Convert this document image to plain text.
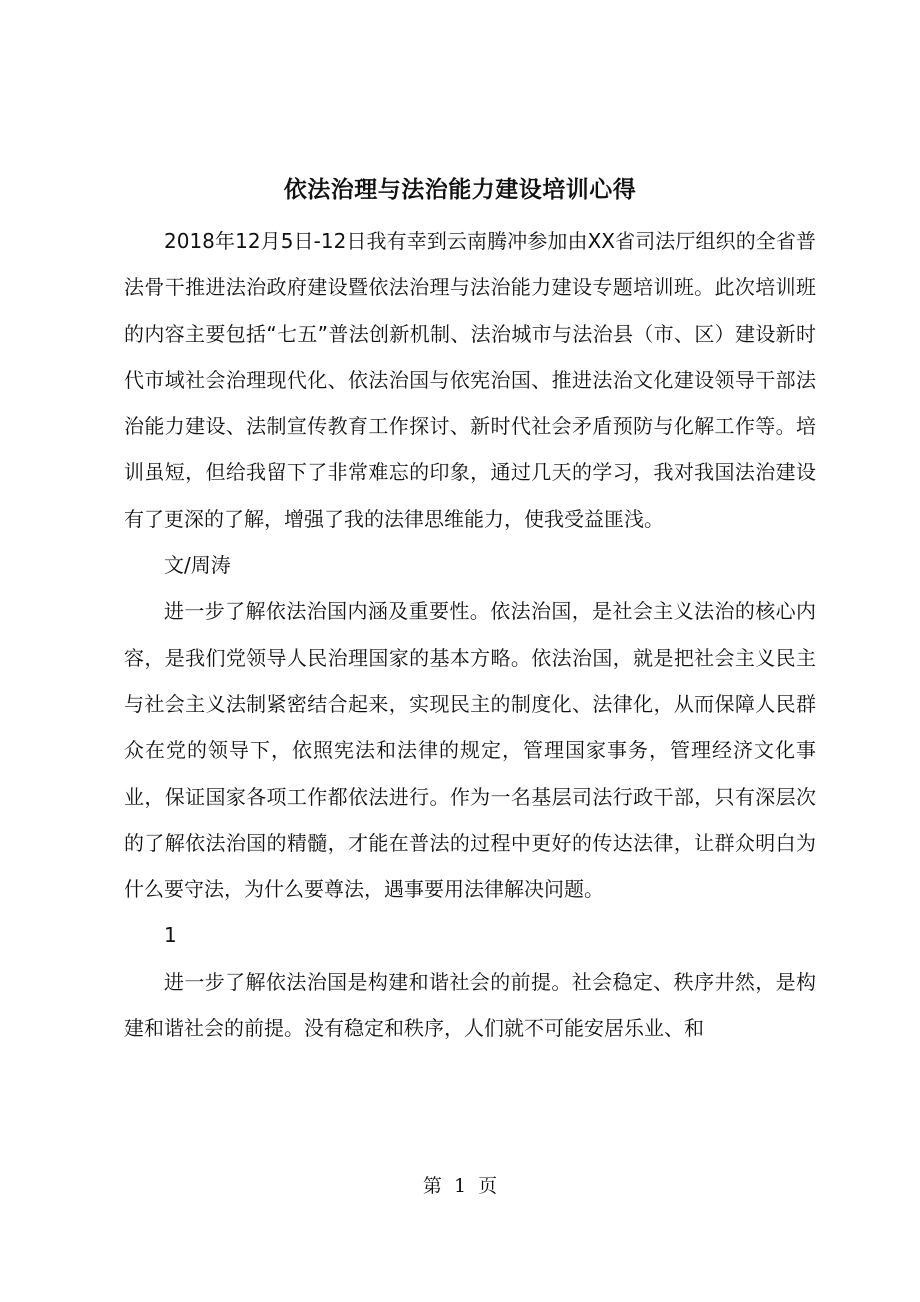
依法治理与法治能力建设培训心得

2018年12月5日-12日我有幸到云南腾冲参加由XX省司法厅组织的全省普法骨干推进法治政府建设暨依法治理与法治能力建设专题培训班。此次培训班的内容主要包括“七五”普法创新机制、法治城市与法治县（市、区）建设新时代市域社会治理现代化、依法治国与依宪治国、推进法治文化建设领导干部法治能力建设、法制宣传教育工作探讨、新时代社会矛盾预防与化解工作等。培训虽短，但给我留下了非常难忘的印象，通过几天的学习，我对我国法治建设有了更深的了解，增强了我的法律思维能力，使我受益匪浅。

文/周涛

进一步了解依法治国内涵及重要性。依法治国，是社会主义法治的核心内容，是我们党领导人民治理国家的基本方略。依法治国，就是把社会主义民主与社会主义法制紧密结合起来，实现民主的制度化、法律化，从而保障人民群众在党的领导下，依照宪法和法律的规定，管理国家事务，管理经济文化事业，保证国家各项工作都依法进行。作为一名基层司法行政干部，只有深层次的了解依法治国的精髓，才能在普法的过程中更好的传达法律，让群众明白为什么要守法，为什么要尊法，遇事要用法律解决问题。

1

进一步了解依法治国是构建和谐社会的前提。社会稳定、秩序井然，是构建和谐社会的前提。没有稳定和秩序，人们就不可能安居乐业、和

第 1 页
